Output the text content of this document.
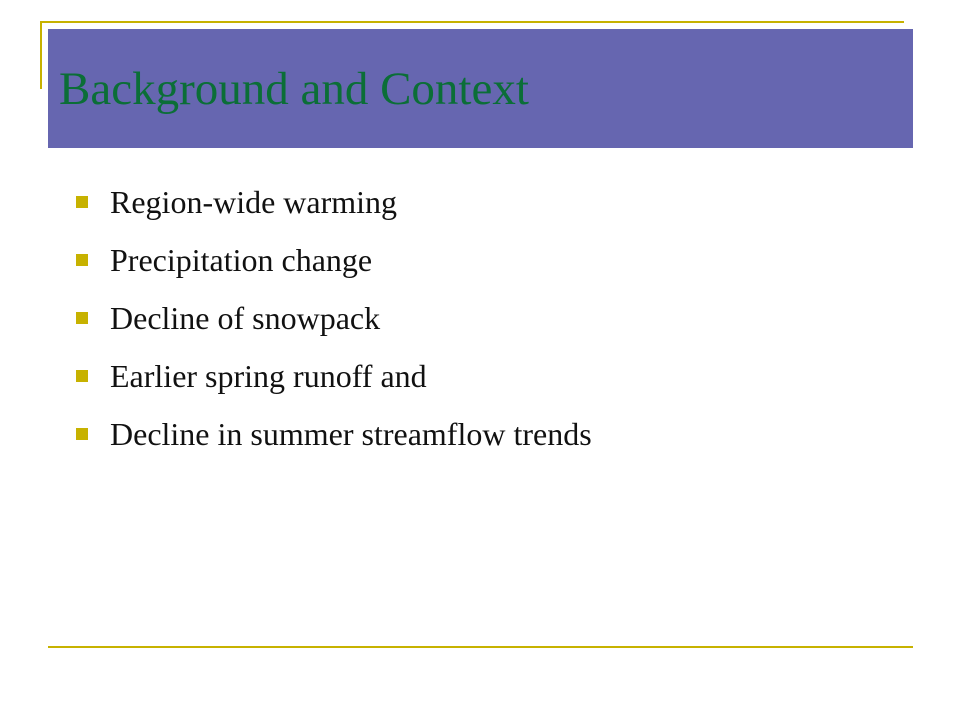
Background and Context
Region-wide warming
Precipitation change
Decline of snowpack
Earlier spring runoff and
Decline in summer streamflow trends
